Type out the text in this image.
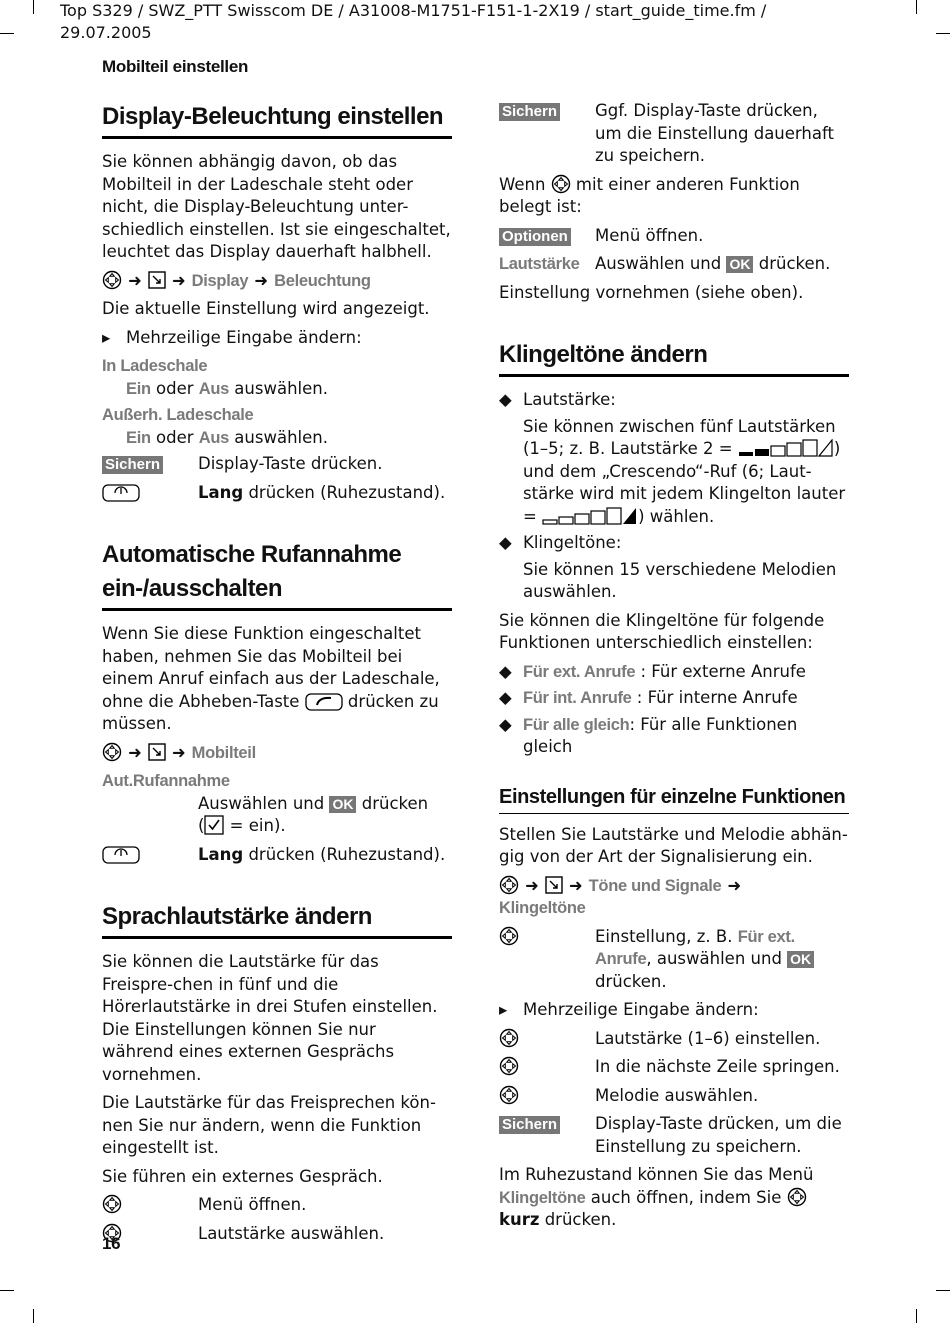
Top S329 / SWZ_PTT Swisscom DE / A31008-M1751-F151-1-2X19 / start_guide_time.fm /
29.07.2005
Mobilteil einstellen
Display-Beleuchtung einstellen

Sie können abhängig davon, ob das Mobilteil in der Ladeschale steht oder nicht, die Display-Beleuchtung unter-schiedlich einstellen. Ist sie eingeschaltet, leuchtet das Display dauerhaft halbhell.

➜ ➜ Display ➜ Beleuchtung

Die aktuelle Einstellung wird angezeigt.

▸ Mehrzeilige Eingabe ändern:

In Ladeschale
Ein oder Aus auswählen.
Außerh. Ladeschale
Ein oder Aus auswählen.
Sichern	Display-Taste drücken.
Lang drücken (Ruhezustand).
Automatische Rufannahme
ein-/ausschalten

Wenn Sie diese Funktion eingeschaltet haben, nehmen Sie das Mobilteil bei einem Anruf einfach aus der Ladeschale, ohne die Abheben-Taste
drücken zu müssen.

➜ ➜ Mobilteil
Aut.Rufannahme
Auswählen und OK drücken
(
= ein).
Lang drücken (Ruhezustand).
Sprachlautstärke ändern

Sie können die Lautstärke für das Freispre-chen in fünf und die Hörerlautstärke in drei Stufen einstellen. Die Einstellungen können Sie nur während eines externen Gesprächs vornehmen.

Die Lautstärke für das Freisprechen kön-nen Sie nur ändern, wenn die Funktion eingestellt ist.

Sie führen ein externes Gespräch.

Menü öffnen.
Lautstärke auswählen.
Sichern	Ggf. Display-Taste drücken, um die Einstellung dauerhaft zu speichern.

Wenn
mit einer anderen Funktion belegt ist:

Optionen	Menü öffnen.
Lautstärke Auswählen und OK drücken.

Einstellung vornehmen (siehe oben).

Klingeltöne ändern
◆ Lautstärke:
Sie können zwischen fünf Lautstärken (1–5; z. B. Lautstärke 2 =	) und dem „Crescendo“-Ruf (6; Laut-stärke wird mit jedem Klingelton lauter =	) wählen.
◆ Klingeltöne:
Sie können 15 verschiedene Melodien auswählen.

Sie können die Klingeltöne für folgende Funktionen unterschiedlich einstellen:

◆ Für ext. Anrufe : Für externe Anrufe
◆ Für int. Anrufe : Für interne Anrufe
◆ Für alle gleich: Für alle Funktionen gleich
Einstellungen für einzelne Funktionen

Stellen Sie Lautstärke und Melodie abhän-gig von der Art der Signalisierung ein.

➜ ➜ Töne und Signale ➜
Klingeltöne
Einstellung, z. B. Für ext. Anrufe, auswählen und OK drücken.

▸ Mehrzeilige Eingabe ändern:

Lautstärke (1–6) einstellen.
In die nächste Zeile springen.
Melodie auswählen.
Sichern	Display-Taste drücken, um die Einstellung zu speichern.

Im Ruhezustand können Sie das Menü Klingeltöne auch öffnen, indem Sie

kurz drücken.

16
